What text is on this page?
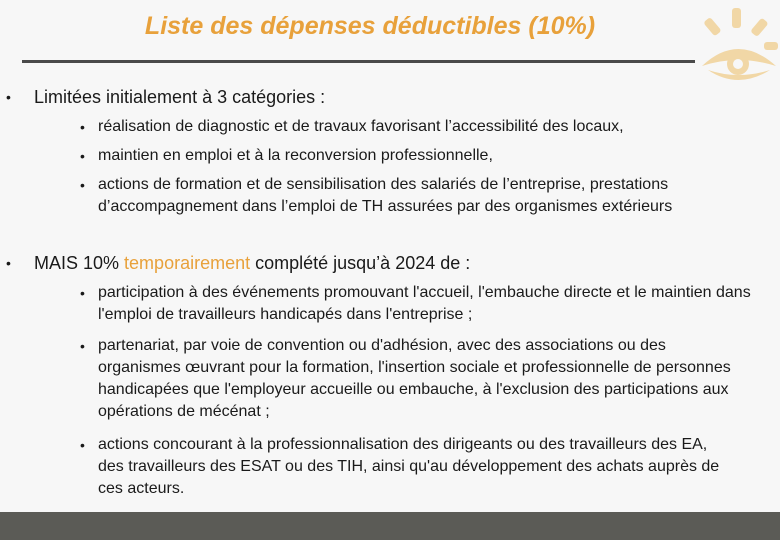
Liste des dépenses déductibles (10%)
• Limitées initialement à 3 catégories :
• réalisation de diagnostic et de travaux favorisant l’accessibilité des locaux,
• maintien en emploi et à la reconversion professionnelle,
• actions de formation et de sensibilisation des salariés de l’entreprise, prestations d’accompagnement dans l’emploi de TH assurées par des organismes extérieurs
• MAIS 10% temporairement complété jusqu’à 2024 de :
• participation à des événements promouvant l'accueil, l'embauche directe et le maintien dans l'emploi de travailleurs handicapés dans l'entreprise ;
• partenariat, par voie de convention ou d'adhésion, avec des associations ou des organismes œuvrant pour la formation, l'insertion sociale et professionnelle de personnes handicapées que l'employeur accueille ou embauche, à l'exclusion des participations aux opérations de mécénat ;
• actions concourant à la professionnalisation des dirigeants ou des travailleurs des EA, des travailleurs des ESAT ou des TIH, ainsi qu'au développement des achats auprès de ces acteurs.
